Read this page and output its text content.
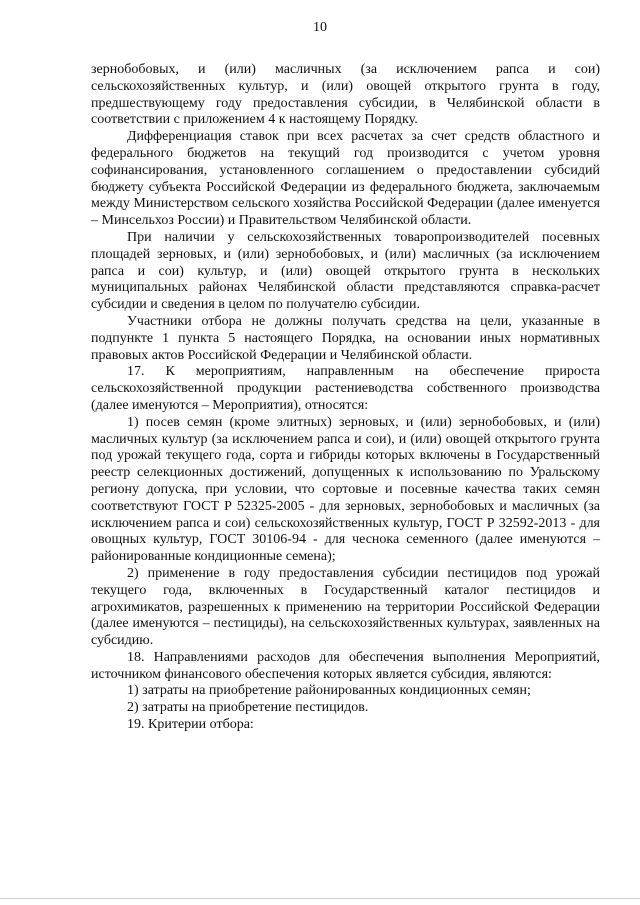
10

зернобобовых, и (или) масличных (за исключением рапса и сои) сельскохозяйственных культур, и (или) овощей открытого грунта в году, предшествующему году предоставления субсидии, в Челябинской области в соответствии с приложением 4 к настоящему Порядку.

Дифференциация ставок при всех расчетах за счет средств областного и федерального бюджетов на текущий год производится с учетом уровня софинансирования, установленного соглашением о предоставлении субсидий бюджету субъекта Российской Федерации из федерального бюджета, заключаемым между Министерством сельского хозяйства Российской Федерации (далее именуется – Минсельхоз России) и Правительством Челябинской области.

При наличии у сельскохозяйственных товаропроизводителей посевных площадей зерновых, и (или) зернобобовых, и (или) масличных (за исключением рапса и сои) культур, и (или) овощей открытого грунта в нескольких муниципальных районах Челябинской области представляются справка-расчет субсидии и сведения в целом по получателю субсидии.

Участники отбора не должны получать средства на цели, указанные в подпункте 1 пункта 5 настоящего Порядка, на основании иных нормативных правовых актов Российской Федерации и Челябинской области.

17. К мероприятиям, направленным на обеспечение прироста сельскохозяйственной продукции растениеводства собственного производства (далее именуются – Мероприятия), относятся:

1) посев семян (кроме элитных) зерновых, и (или) зернобобовых, и (или) масличных культур (за исключением рапса и сои), и (или) овощей открытого грунта под урожай текущего года, сорта и гибриды которых включены в Государственный реестр селекционных достижений, допущенных к использованию по Уральскому региону допуска, при условии, что сортовые и посевные качества таких семян соответствуют ГОСТ Р 52325-2005 - для зерновых, зернобобовых и масличных (за исключением рапса и сои) сельскохозяйственных культур, ГОСТ Р 32592-2013 - для овощных культур, ГОСТ 30106-94 - для чеснока семенного (далее именуются – районированные кондиционные семена);

2) применение в году предоставления субсидии пестицидов под урожай текущего года, включенных в Государственный каталог пестицидов и агрохимикатов, разрешенных к применению на территории Российской Федерации (далее именуются – пестициды), на сельскохозяйственных культурах, заявленных на субсидию.

18. Направлениями расходов для обеспечения выполнения Мероприятий, источником финансового обеспечения которых является субсидия, являются:

1) затраты на приобретение районированных кондиционных семян;

2) затраты на приобретение пестицидов.

19. Критерии отбора:
